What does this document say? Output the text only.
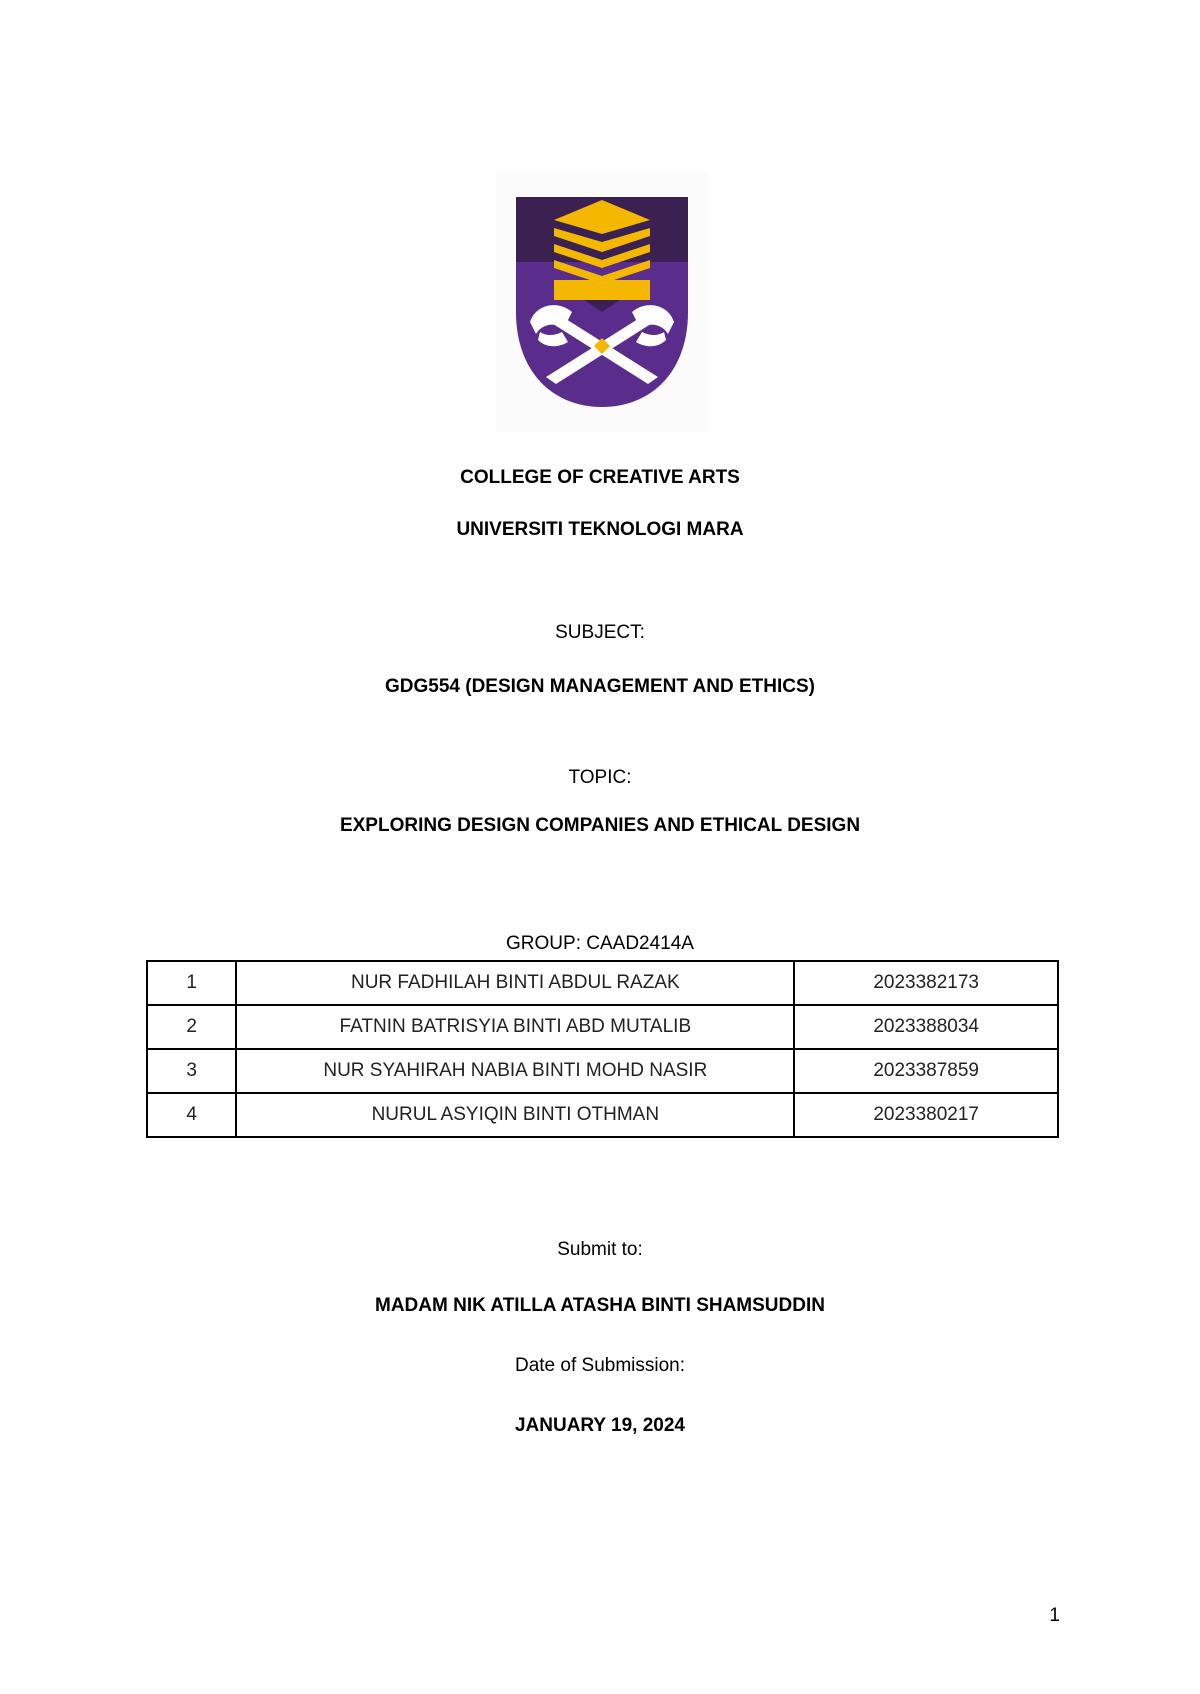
COLLEGE OF CREATIVE ARTS
UNIVERSITI TEKNOLOGI MARA
SUBJECT:
GDG554 (DESIGN MANAGEMENT AND ETHICS)
TOPIC:
EXPLORING DESIGN COMPANIES AND ETHICAL DESIGN
GROUP: CAAD2414A
1	NUR FADHILAH BINTI ABDUL RAZAK	2023382173
2	FATNIN BATRISYIA BINTI ABD MUTALIB	2023388034
3	NUR SYAHIRAH NABIA BINTI MOHD NASIR	2023387859
4	NURUL ASYIQIN BINTI OTHMAN	2023380217
Submit to:
MADAM NIK ATILLA ATASHA BINTI SHAMSUDDIN
Date of Submission:
JANUARY 19, 2024
1
